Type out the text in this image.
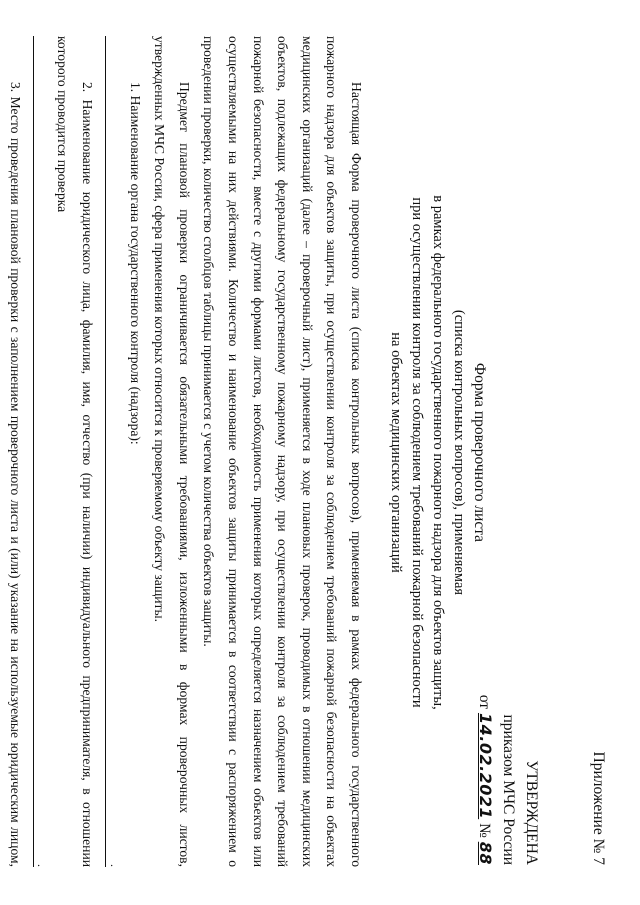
Приложение № 7
УТВЕРЖДЕНА
приказом МЧС России
от 14.02.2021 № 88
Форма проверочного листа
(списка контрольных вопросов), применяемая
в рамках федерального государственного пожарного надзора для объектов защиты,
при осуществлении контроля за соблюдением требований пожарной безопасности
на объектах медицинских организаций

Настоящая Форма проверочного листа (списка контрольных вопросов), применяемая в рамках федерального государственного пожарного надзора для объектов защиты, при осуществлении контроля за соблюдением требований пожарной безопасности на объектах медицинских организаций (далее – проверочный лист), применяется в ходе плановых проверок, проводимых в отношении медицинских объектов, подлежащих федеральному государственному пожарному надзору, при осуществлении контроля за соблюдением требований пожарной безопасности, вместе с другими формами листов, необходимость применения которых определяется назначением объектов или осуществляемыми на них действиями. Количество и наименование объектов защиты принимается в соответствии с распоряжением о проведении проверки, количество столбцов таблицы принимается с учетом количества объектов защиты.

Предмет плановой проверки ограничивается обязательными требованиями, изложенными в формах проверочных листов, утвержденных МЧС России, сфера применения которых относится к проверяемому объекту защиты.

1. Наименование органа государственного контроля (надзора):

.

2. Наименование юридического лица, фамилия, имя, отчество (при наличии) индивидуального предпринимателя, в отношении которого проводится проверка

.

3. Место проведения плановой проверки с заполнением проверочного листа и (или) указание на используемые юридическим лицом,
